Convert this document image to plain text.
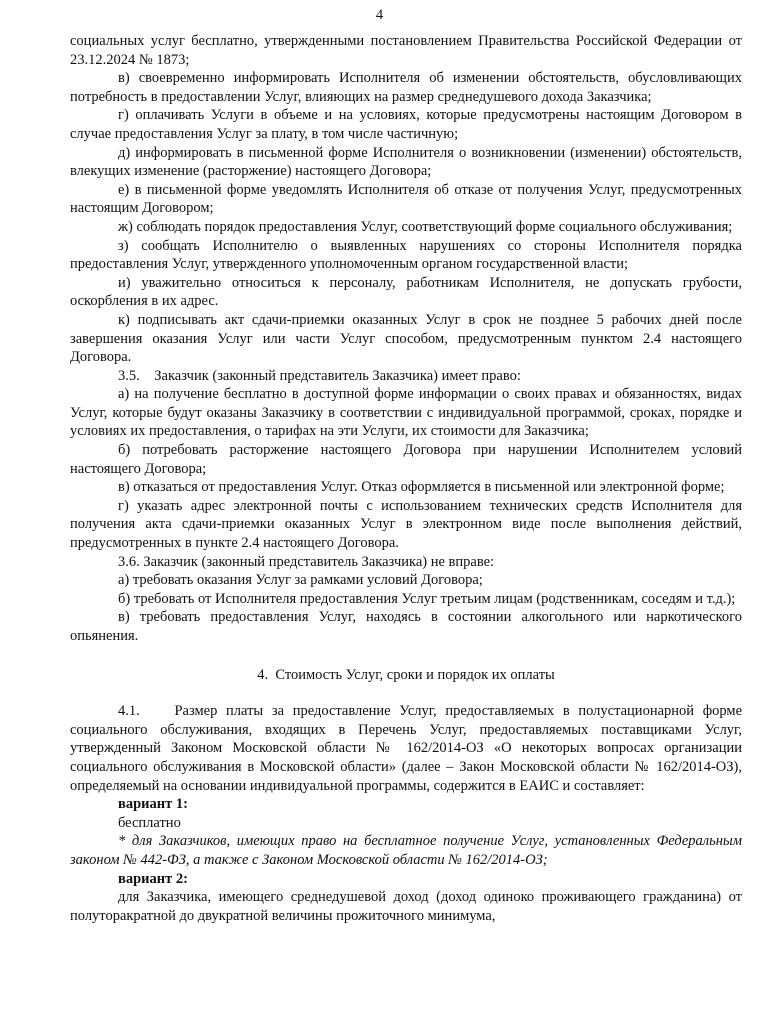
4

социальных услуг бесплатно, утвержденными постановлением Правительства Российской Федерации от 23.12.2024 № 1873;

в) своевременно информировать Исполнителя об изменении обстоятельств, обусловливающих потребность в предоставлении Услуг, влияющих на размер среднедушевого дохода Заказчика;

г) оплачивать Услуги в объеме и на условиях, которые предусмотрены настоящим Договором в случае предоставления Услуг за плату, в том числе частичную;

д) информировать в письменной форме Исполнителя о возникновении (изменении) обстоятельств, влекущих изменение (расторжение) настоящего Договора;

е) в письменной форме уведомлять Исполнителя об отказе от получения Услуг, предусмотренных настоящим Договором;

ж) соблюдать порядок предоставления Услуг, соответствующий форме социального обслуживания;

з) сообщать Исполнителю о выявленных нарушениях со стороны Исполнителя порядка предоставления Услуг, утвержденного уполномоченным органом государственной власти;

и) уважительно относиться к персоналу, работникам Исполнителя, не допускать грубости, оскорбления в их адрес.

к) подписывать акт сдачи-приемки оказанных Услуг в срок не позднее 5 рабочих дней после завершения оказания Услуг или части Услуг способом, предусмотренным пунктом 2.4 настоящего Договора.

3.5.    Заказчик (законный представитель Заказчика) имеет право:

а) на получение бесплатно в доступной форме информации о своих правах и обязанностях, видах Услуг, которые будут оказаны Заказчику в соответствии с индивидуальной программой, сроках, порядке и условиях их предоставления, о тарифах на эти Услуги, их стоимости для Заказчика;

б) потребовать расторжение настоящего Договора при нарушении Исполнителем условий настоящего Договора;

в) отказаться от предоставления Услуг. Отказ оформляется в письменной или электронной форме;

г) указать адрес электронной почты с использованием технических средств Исполнителя для получения акта сдачи-приемки оказанных Услуг в электронном виде после выполнения действий, предусмотренных в пункте 2.4 настоящего Договора.

3.6. Заказчик (законный представитель Заказчика) не вправе:

а) требовать оказания Услуг за рамками условий Договора;

б) требовать от Исполнителя предоставления Услуг третьим лицам (родственникам, соседям и т.д.);

в) требовать предоставления Услуг, находясь в состоянии алкогольного или наркотического опьянения.

4.  Стоимость Услуг, сроки и порядок их оплаты

4.1.    Размер платы за предоставление Услуг, предоставляемых в полустационарной форме социального обслуживания, входящих в Перечень Услуг, предоставляемых поставщиками Услуг, утвержденный Законом Московской области № 162/2014-ОЗ «О некоторых вопросах организации социального обслуживания в Московской области» (далее – Закон Московской области № 162/2014-ОЗ), определяемый на основании индивидуальной программы, содержится в ЕАИС и составляет:

вариант 1:

бесплатно

* для Заказчиков, имеющих право на бесплатное получение Услуг, установленных Федеральным законом № 442-ФЗ, а также с Законом Московской области № 162/2014-ОЗ;

вариант 2:

для Заказчика, имеющего среднедушевой доход (доход одиноко проживающего гражданина) от полуторакратной до двукратной величины прожиточного минимума,
